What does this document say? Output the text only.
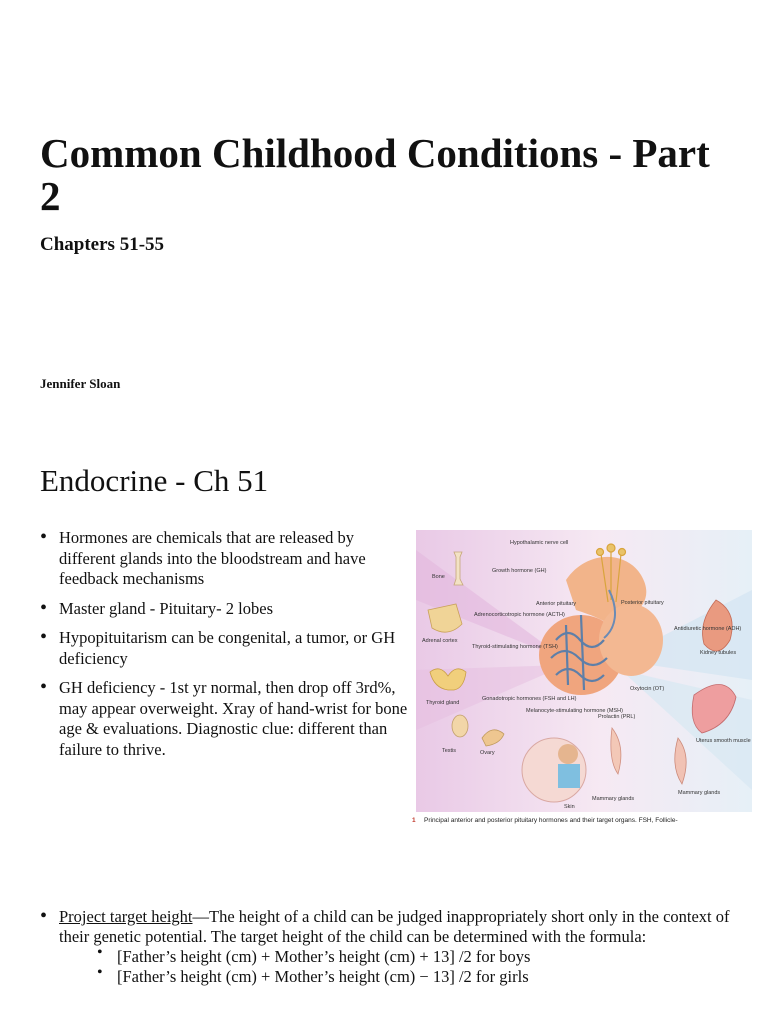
Common Childhood Conditions - Part 2
Chapters 51-55
Jennifer Sloan
Endocrine - Ch 51
• Hormones are chemicals that are released by different glands into the bloodstream and have feedback mechanisms
• Master gland - Pituitary- 2 lobes
• Hypopituitarism can be congenital, a tumor, or GH deficiency
• GH deficiency - 1st yr normal, then drop off 3rd%, may appear overweight. Xray of hand-wrist for bone age & evaluations. Diagnostic clue: different than failure to thrive.
Hypothalamic nerve cell
Bone
Growth hormone (GH)
Anterior pituitary	Posterior pituitary
Adrenal cortex
Adrenocorticotropic hormone (ACTH)
Antidiuretic hormone (ADH)
Kidney tubules
Thyroid-stimulating hormone (TSH)
Thyroid gland
Gonadotropic hormones (FSH and LH)
Melanocyte-stimulating hormone (MSH)
Prolactin (PRL)
Oxytocin (OT)
Uterus smooth muscle
Testis	Ovary
Mammary glands
Mammary glands
Skin
1 Principal anterior and posterior pituitary hormones and their target organs. FSH, Follicle-
• Project target height—The height of a child can be judged inappropriately short only in the context of their genetic potential. The target height of the child can be determined with the formula:
• [Father’s height (cm) + Mother’s height (cm) + 13] /2 for boys
• [Father’s height (cm) + Mother’s height (cm) − 13] /2 for girls
